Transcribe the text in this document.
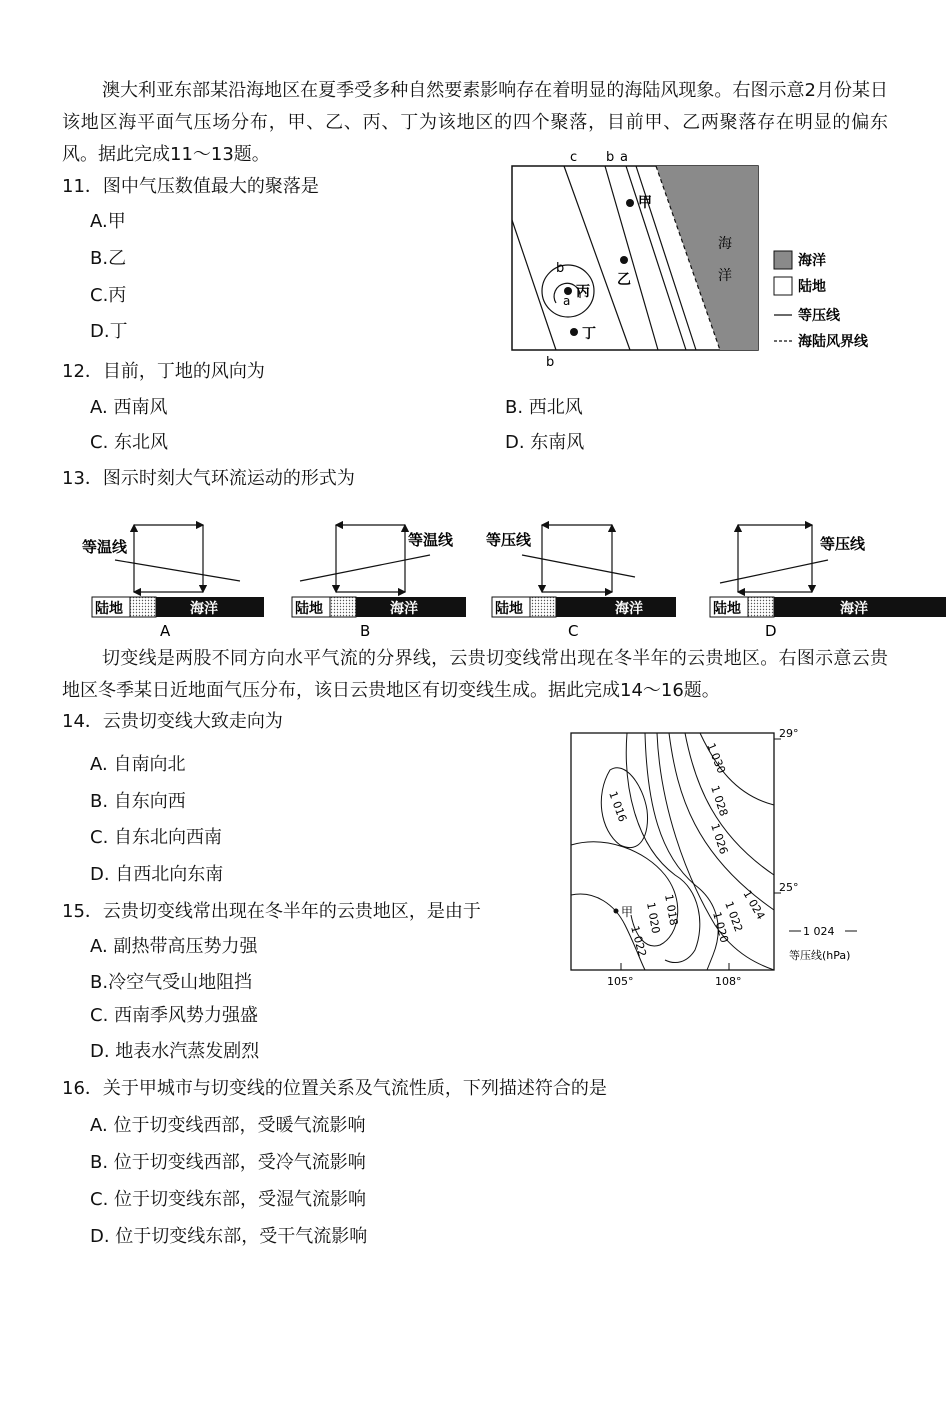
澳大利亚东部某沿海地区在夏季受多种自然要素影响存在着明显的海陆风现象。右图示意2月份某日该地区海平面气压场分布，甲、乙、丙、丁为该地区的四个聚落，目前甲、乙两聚落存在明显的偏东风。据此完成11～13题。

11．图中气压数值最大的聚落是
A.甲
B.乙
C.丙
D.丁
c b a
b
a
b
甲
乙
丙
丁
海
洋
海洋
陆地
等压线
海陆风界线
12．目前，丁地的风向为
A. 西南风	B. 西北风
C. 东北风	D. 东南风
13．图示时刻大气环流运动的形式为
等温线
陆地	海洋
A
等温线
陆地	海洋
B
等压线
陆地	海洋
C
等压线
陆地	海洋
D

切变线是两股不同方向水平气流的分界线，云贵切变线常出现在冬半年的云贵地区。右图示意云贵地区冬季某日近地面气压分布，该日云贵地区有切变线生成。据此完成14～16题。

14．云贵切变线大致走向为
A. 自南向北
B. 自东向西
C. 自东北向西南
D. 自西北向东南
15．云贵切变线常出现在冬半年的云贵地区，是由于
A. 副热带高压势力强
B.冷空气受山地阻挡
C. 西南季风势力强盛
D. 地表水汽蒸发剧烈
29°
25°
105°	108°
1 030
1 028
1 026
1 024
1 022
1 020
1 018
1 020
1 022
1 016
甲
1 024
等压线(hPa)
16．关于甲城市与切变线的位置关系及气流性质，下列描述符合的是
A. 位于切变线西部，受暖气流影响
B. 位于切变线西部，受冷气流影响
C. 位于切变线东部，受湿气流影响
D. 位于切变线东部，受干气流影响
